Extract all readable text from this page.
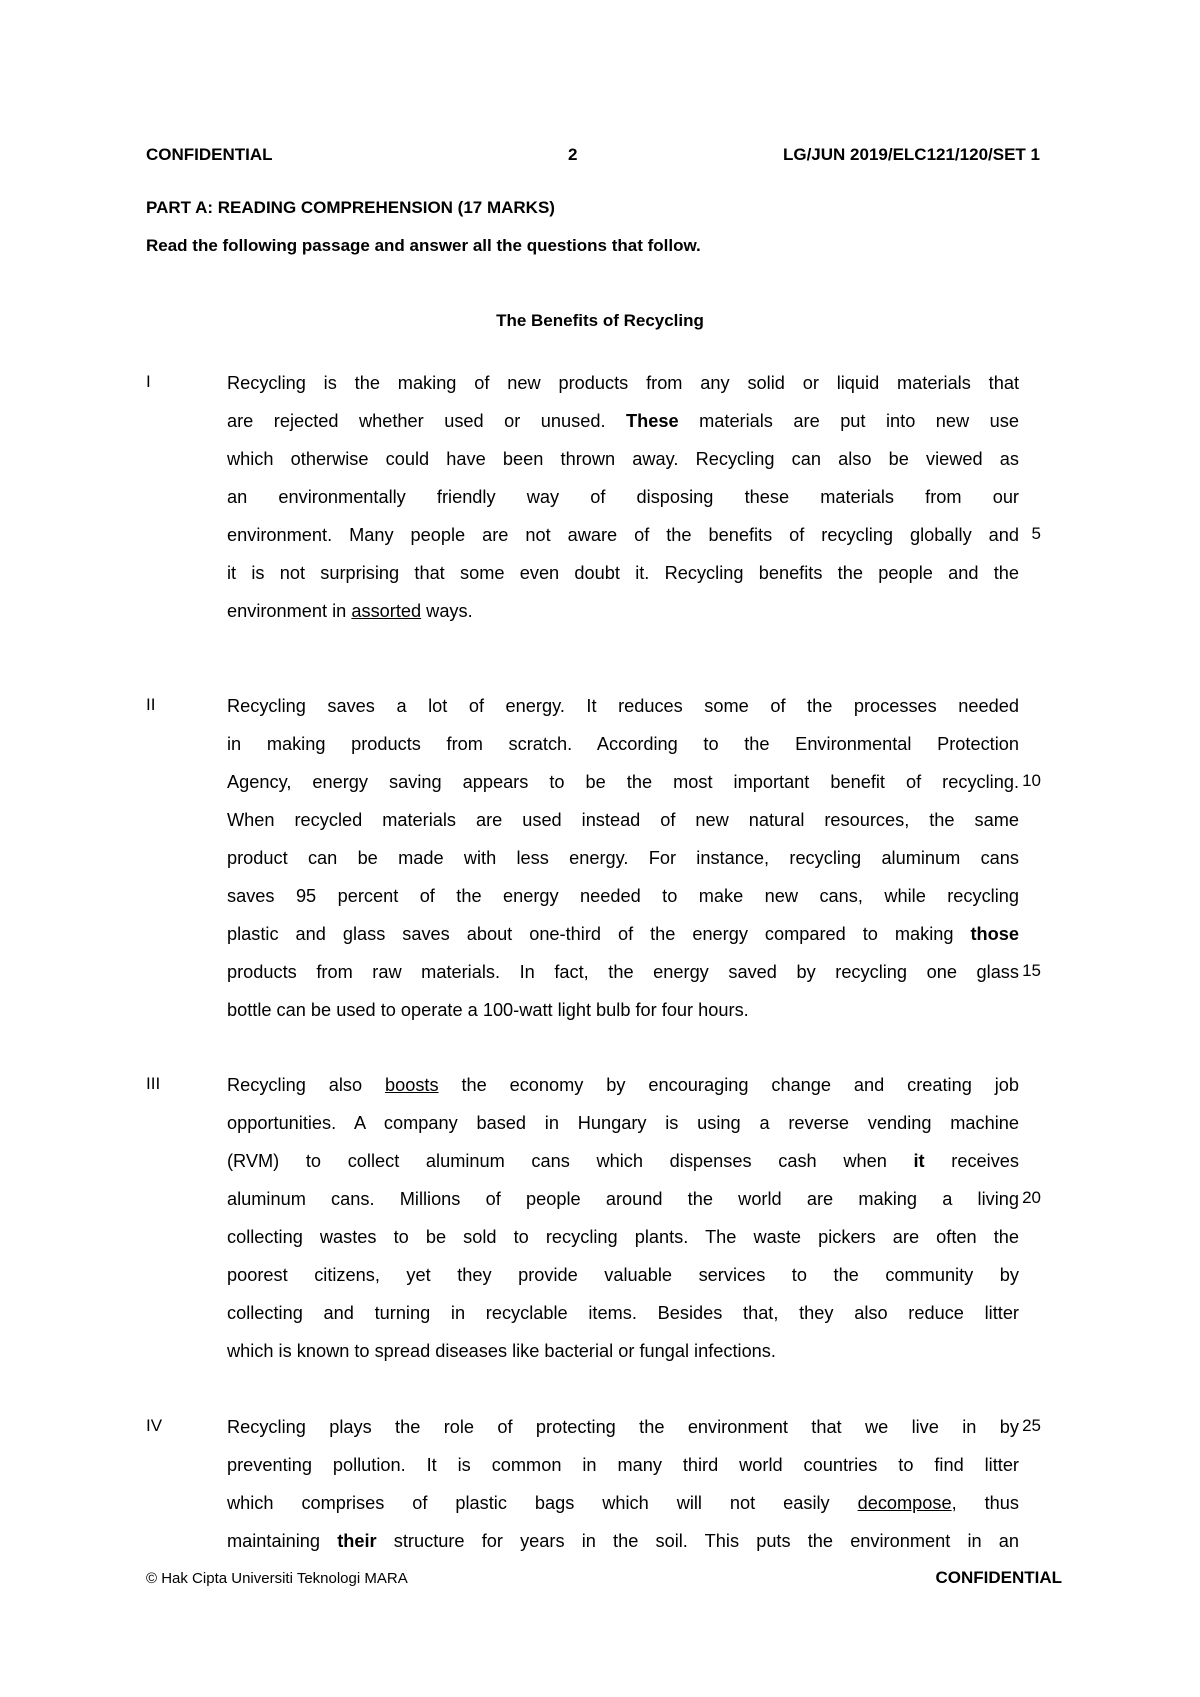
CONFIDENTIAL	2	LG/JUN 2019/ELC121/120/SET 1
PART A: READING COMPREHENSION (17 MARKS)
Read the following passage and answer all the questions that follow.
The Benefits of Recycling
I	Recycling is the making of new products from any solid or liquid materials that
are rejected whether used or unused. These materials are put into new use
which otherwise could have been thrown away. Recycling can also be viewed as
an environmentally friendly way of disposing these materials from our
environment. Many people are not aware of the benefits of recycling globally and
it is not surprising that some even doubt it. Recycling benefits the people and the
environment in assorted ways.
5
II	Recycling saves a lot of energy. It reduces some of the processes needed
in making products from scratch. According to the Environmental Protection
Agency, energy saving appears to be the most important benefit of recycling.
When recycled materials are used instead of new natural resources, the same
product can be made with less energy. For instance, recycling aluminum cans
saves 95 percent of the energy needed to make new cans, while recycling
plastic and glass saves about one-third of the energy compared to making those
products from raw materials. In fact, the energy saved by recycling one glass
bottle can be used to operate a 100-watt light bulb for four hours.
10
15
III	Recycling also boosts the economy by encouraging change and creating job
opportunities. A company based in Hungary is using a reverse vending machine
(RVM) to collect aluminum cans which dispenses cash when it receives
aluminum cans. Millions of people around the world are making a living
collecting wastes to be sold to recycling plants. The waste pickers are often the
poorest citizens, yet they provide valuable services to the community by
collecting and turning in recyclable items. Besides that, they also reduce litter
which is known to spread diseases like bacterial or fungal infections.
20
IV	Recycling plays the role of protecting the environment that we live in by
preventing pollution. It is common in many third world countries to find litter
which comprises of plastic bags which will not easily decompose, thus
maintaining their structure for years in the soil. This puts the environment in an
25
© Hak Cipta Universiti Teknologi MARA	CONFIDENTIAL
